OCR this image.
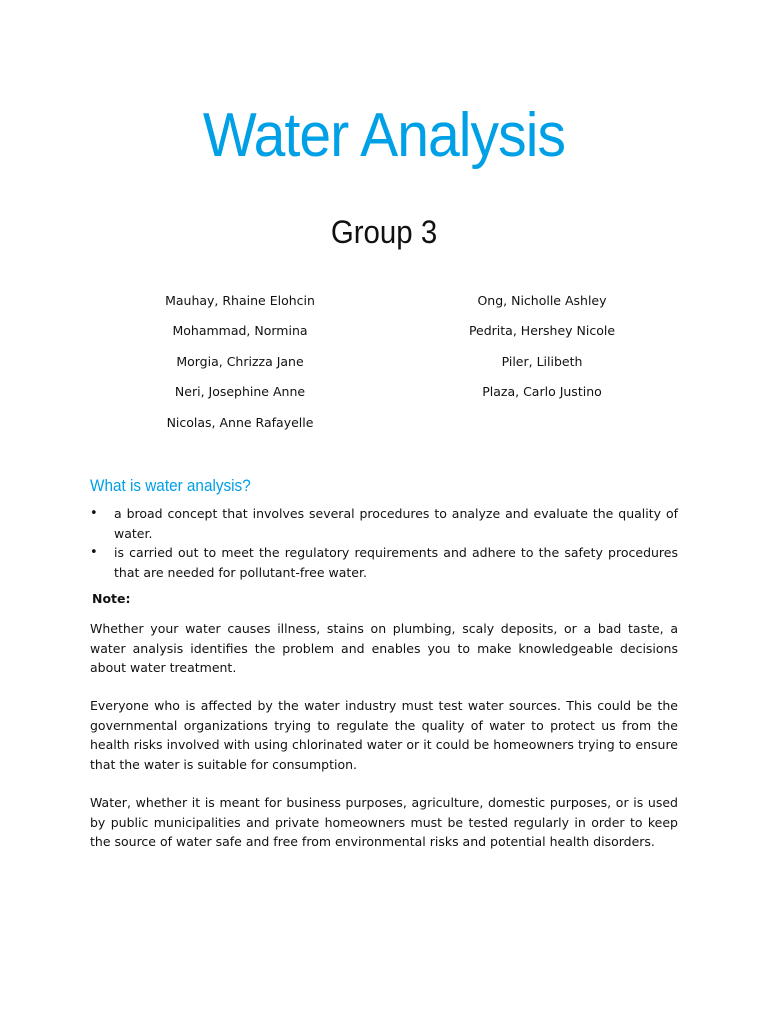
Water Analysis
Group 3
Mauhay, Rhaine Elohcin
Mohammad, Normina
Morgia, Chrizza Jane
Neri, Josephine Anne
Nicolas, Anne Rafayelle
Ong, Nicholle Ashley
Pedrita, Hershey Nicole
Piler, Lilibeth
Plaza, Carlo Justino
What is water analysis?

• a broad concept that involves several procedures to analyze and evaluate the quality of water.

• is carried out to meet the regulatory requirements and adhere to the safety procedures that are needed for pollutant-free water.

Note:

Whether your water causes illness, stains on plumbing, scaly deposits, or a bad taste, a water analysis identifies the problem and enables you to make knowledgeable decisions about water treatment.

Everyone who is affected by the water industry must test water sources. This could be the governmental organizations trying to regulate the quality of water to protect us from the health risks involved with using chlorinated water or it could be homeowners trying to ensure that the water is suitable for consumption.

Water, whether it is meant for business purposes, agriculture, domestic purposes, or is used by public municipalities and private homeowners must be tested regularly in order to keep the source of water safe and free from environmental risks and potential health disorders.
